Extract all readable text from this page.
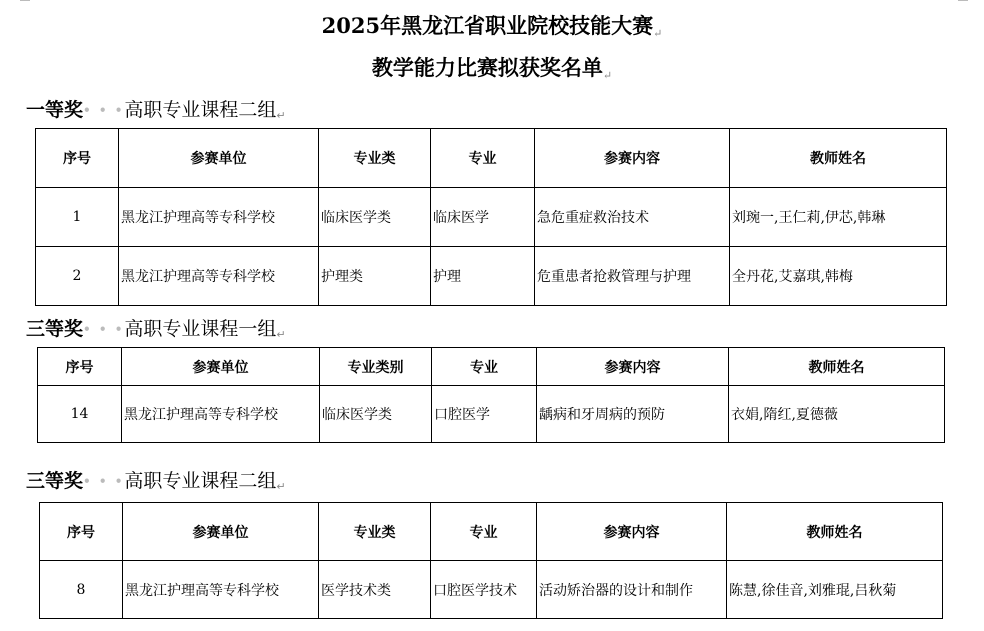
2025年黑龙江省职业院校技能大赛↵
教学能力比赛拟获奖名单↵
一等奖• • •高职专业课程二组↵
序号	参赛单位	专业类	专业	参赛内容	教师姓名
1	黑龙江护理高等专科学校	临床医学类	临床医学	急危重症救治技术	刘琬一,王仁莉,伊芯,韩琳
2	黑龙江护理高等专科学校	护理类	护理	危重患者抢救管理与护理	全丹花,艾嘉琪,韩梅
三等奖• • •高职专业课程一组↵
序号	参赛单位	专业类别	专业	参赛内容	教师姓名
14	黑龙江护理高等专科学校	临床医学类	口腔医学	龋病和牙周病的预防	衣娟,隋红,夏德薇
三等奖• • •高职专业课程二组↵
序号	参赛单位	专业类	专业	参赛内容	教师姓名
8	黑龙江护理高等专科学校	医学技术类	口腔医学技术	活动矫治器的设计和制作	陈慧,徐佳音,刘雅琨,吕秋菊
